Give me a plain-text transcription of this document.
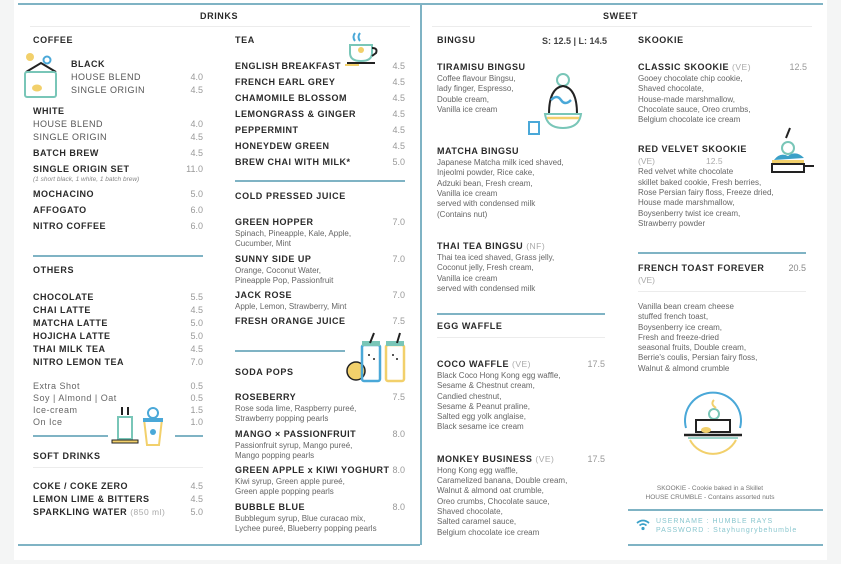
DRINKS	SWEET
COFFEE
BLACK
HOUSE BLEND	4.0
SINGLE ORIGIN	4.5
WHITE
HOUSE BLEND	4.0
SINGLE ORIGIN	4.5
BATCH BREW	4.5
SINGLE ORIGIN SET	11.0
(1 short black, 1 white, 1 batch brew)
MOCHACINO	5.0
AFFOGATO	6.0
NITRO COFFEE	6.0
OTHERS
CHOCOLATE	5.5
CHAI LATTE	4.5
MATCHA LATTE	5.0
HOJICHA LATTE	5.0
THAI MILK TEA	4.5
NITRO LEMON TEA	7.0
Extra Shot	0.5
Soy | Almond | Oat	0.5
Ice-cream	1.5
On Ice	1.0
SOFT DRINKS
COKE / COKE ZERO	4.5
LEMON LIME & BITTERS	4.5
SPARKLING WATER (850 ml)	5.0
TEA
ENGLISH BREAKFAST	4.5
FRENCH EARL GREY	4.5
CHAMOMILE BLOSSOM	4.5
LEMONGRASS & GINGER	4.5
PEPPERMINT	4.5
HONEYDEW GREEN	4.5
BREW CHAI WITH MILK*	5.0
COLD PRESSED JUICE
GREEN HOPPER	7.0
Spinach, Pineapple, Kale, Apple,
Cucumber, Mint
SUNNY SIDE UP	7.0
Orange, Coconut Water,
Pineapple Pop, Passionfruit
JACK ROSE	7.0
Apple, Lemon, Strawberry, Mint
FRESH ORANGE JUICE	7.5
SODA POPS
ROSEBERRY	7.5
Rose soda lime, Raspberry pureé,
Strawberry popping pearls
MANGO × PASSIONFRUIT	8.0
Passionfruit syrup, Mango pureé,
Mango popping pearls
GREEN APPLE x KIWI YOGHURT 8.0
Kiwi syrup, Green apple pureé,
Green apple popping pearls
BUBBLE BLUE	8.0
Bubblegum syrup, Blue curacao mix,
Lychee pureé, Blueberry popping pearls
BINGSU	S: 12.5 | L: 14.5
TIRAMISU BINGSU
Coffee flavour Bingsu,
lady finger, Espresso,
Double cream,
Vanilla ice cream
MATCHA BINGSU
Japanese Matcha milk iced shaved,
Injeolmi powder, Rice cake,
Adzuki bean, Fresh cream,
Vanilla ice cream
served with condensed milk
(Contains nut)
THAI TEA BINGSU (NF)
Thai tea iced shaved, Grass jelly,
Coconut jelly, Fresh cream,
Vanilla ice cream
served with condensed milk
EGG WAFFLE
COCO WAFFLE (VE)	17.5
Black Coco Hong Kong egg waffle,
Sesame & Chestnut cream,
Candied chestnut,
Sesame & Peanut praline,
Salted egg yolk anglaise,
Black sesame ice cream
MONKEY BUSINESS (VE)	17.5
Hong Kong egg waffle,
Caramelized banana, Double cream,
Walnut & almond oat crumble,
Oreo crumbs, Chocolate sauce,
Shaved chocolate,
Salted caramel sauce,
Belgium chocolate ice cream
SKOOKIE
CLASSIC SKOOKIE (VE)	12.5
Gooey chocolate chip cookie,
Shaved chocolate,
House-made marshmallow,
Chocolate sauce, Oreo crumbs,
Belgium chocolate ice cream
RED VELVET SKOOKIE
(VE)	12.5
Red velvet white chocolate
skillet baked cookie, Fresh berries,
Rose Persian fairy floss, Freeze dried,
House made marshmallow,
Boysenberry twist ice cream,
Strawberry powder
FRENCH TOAST FOREVER	20.5
(VE)
Vanilla bean cream cheese
stuffed french toast,
Boysenberry ice cream,
Fresh and freeze-dried
seasonal fruits, Double cream,
Berrie's coulis, Persian fairy floss,
Walnut & almond crumble
SKOOKIE - Cookie baked in a Skillet
HOUSE CRUMBLE - Contains assorted nuts
USERNAME : HUMBLE RAYS
PASSWORD : Stayhungrybehumble
